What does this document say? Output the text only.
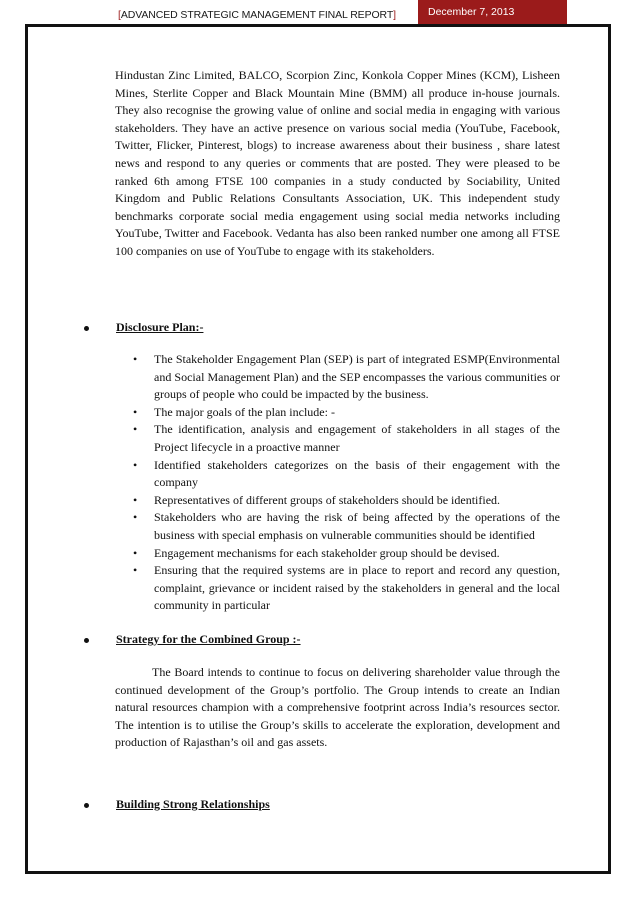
[ADVANCED STRATEGIC MANAGEMENT FINAL REPORT]	December 7, 2013

Hindustan Zinc Limited, BALCO, Scorpion Zinc, Konkola Copper Mines (KCM), Lisheen Mines, Sterlite Copper and Black Mountain Mine (BMM) all produce in-house journals. They also recognise the growing value of online and social media in engaging with various stakeholders. They have an active presence on various social media (YouTube, Facebook, Twitter, Flicker, Pinterest, blogs) to increase awareness about their business , share latest news and respond to any queries or comments that are posted. They were pleased to be ranked 6th among FTSE 100 companies in a study conducted by Sociability, United Kingdom and Public Relations Consultants Association, UK. This independent study benchmarks corporate social media engagement using social media networks including YouTube, Twitter and Facebook. Vedanta has also been ranked number one among all FTSE 100 companies on use of YouTube to engage with its stakeholders.

Disclosure Plan:-
•	The Stakeholder Engagement Plan (SEP) is part of integrated ESMP(Environmental and Social Management Plan) and the SEP encompasses the various communities or groups of people who could be impacted by the business.
•	The major goals of the plan include: -
•	The identification, analysis and engagement of stakeholders in all stages of the Project lifecycle in a proactive manner
•	Identified stakeholders categorizes on the basis of their engagement with the company
•	Representatives of different groups of stakeholders should be identified.
•	Stakeholders who are having the risk of being affected by the operations of the business with special emphasis on vulnerable communities should be identified
•	Engagement mechanisms for each stakeholder group should be devised.
•	Ensuring that the required systems are in place to report and record any question, complaint, grievance or incident raised by the stakeholders in general and the local community in particular
Strategy for the Combined Group :-

The Board intends to continue to focus on delivering shareholder value through the continued development of the Group’s portfolio. The Group intends to create an Indian natural resources champion with a comprehensive footprint across India’s resources sector. The intention is to utilise the Group’s skills to accelerate the exploration, development and production of Rajasthan’s oil and gas assets.

Building Strong Relationships
